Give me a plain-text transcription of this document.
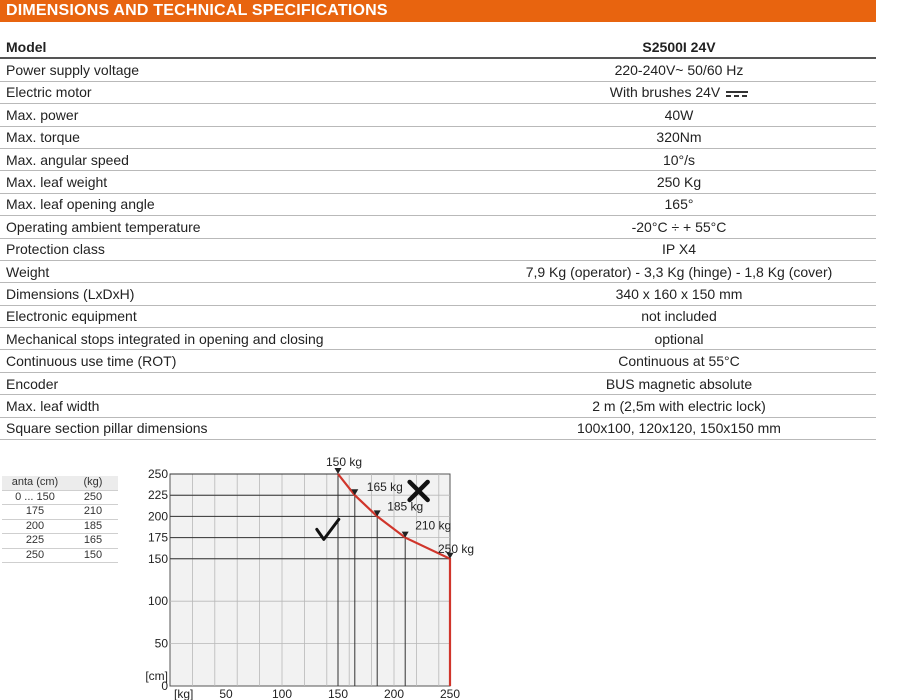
DIMENSIONS AND TECHNICAL SPECIFICATIONS
Model	S2500I 24V
Power supply voltage	220-240V~ 50/60 Hz
Electric motor	With brushes 24V
Max. power	40W
Max. torque	320Nm
Max. angular speed	10°/s
Max. leaf weight	250 Kg
Max. leaf opening angle	165°
Operating ambient temperature	-20°C ÷ + 55°C
Protection class	IP X4
Weight	7,9 Kg (operator) - 3,3 Kg (hinge) - 1,8 Kg (cover)
Dimensions (LxDxH)	340 x 160 x 150 mm
Electronic equipment	not included
Mechanical stops integrated in opening and closing	optional
Continuous use time (ROT)	Continuous at 55°C
Encoder	BUS magnetic absolute
Max. leaf width	2 m (2,5m with electric lock)
Square section pillar dimensions	100x100, 120x120, 150x150 mm
anta (cm)	(kg)
0 ... 150	250
175	210
200	185
225	165
250	150
150 kg
165 kg
185 kg
210 kg
250 kg
0
50
100
150
175
200
225
250
50	100	150	200	250
[cm]
[kg]
